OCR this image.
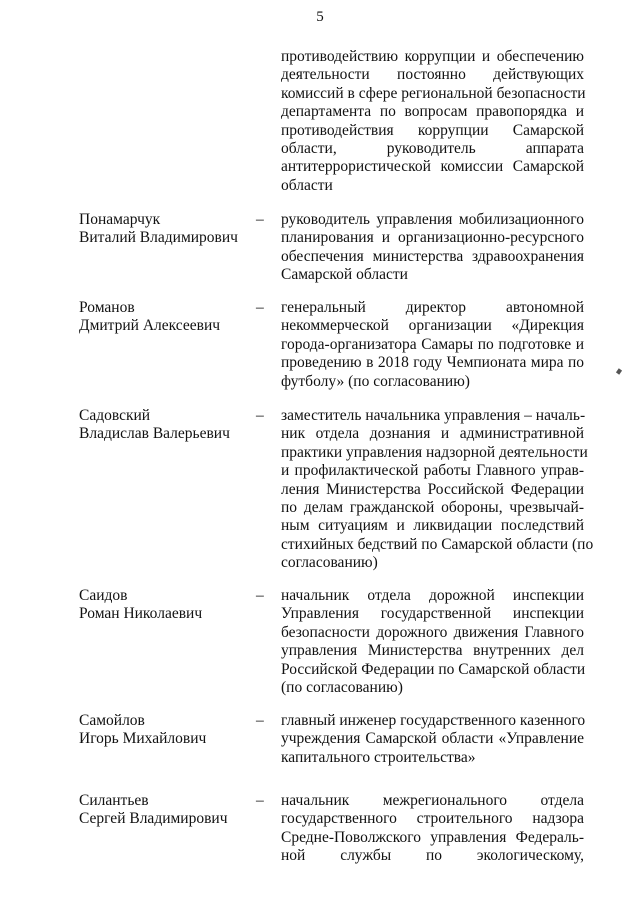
5
противодействию коррупции и обеспечению
деятельности постоянно действующих
комиссий в сфере региональной безопасности
департамента по вопросам правопорядка и
противодействия коррупции Самарской
области, руководитель аппарата
антитеррористической комиссии Самарской
области
Понамарчук
Виталий Владимирович
– руководитель управления мобилизационного
планирования и организационно-ресурсного
обеспечения министерства здравоохранения
Самарской области
Романов
Дмитрий Алексеевич
– генеральный директор автономной
некоммерческой организации «Дирекция
города-организатора Самары по подготовке и
проведению в 2018 году Чемпионата мира по
футболу» (по согласованию)
Садовский
Владислав Валерьевич
– заместитель начальника управления – началь-
ник отдела дознания и административной
практики управления надзорной деятельности
и профилактической работы Главного управ-
ления Министерства Российской Федерации
по делам гражданской обороны, чрезвычай-
ным ситуациям и ликвидации последствий
стихийных бедствий по Самарской области (по
согласованию)
Саидов
Роман Николаевич
– начальник отдела дорожной инспекции
Управления государственной инспекции
безопасности дорожного движения Главного
управления Министерства внутренних дел
Российской Федерации по Самарской области
(по согласованию)
Самойлов
Игорь Михайлович
– главный инженер государственного казенного
учреждения Самарской области «Управление
капитального строительства»
Силантьев
Сергей Владимирович
– начальник межрегионального отдела
государственного строительного надзора
Средне-Поволжского управления Федераль-
ной службы по экологическому,
